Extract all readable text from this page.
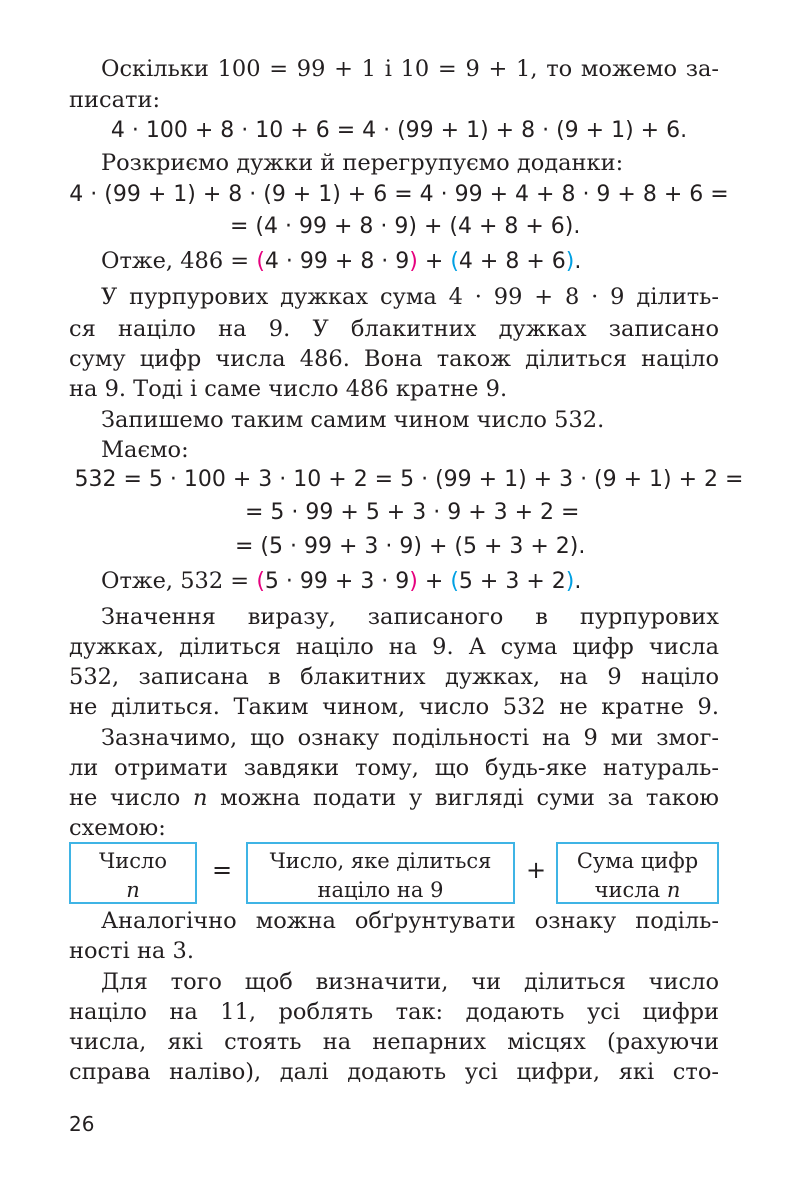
Оскільки 100 = 99 + 1 і 10 = 9 + 1, то можемо за-
писати:
4 · 100 + 8 · 10 + 6 = 4 · (99 + 1) + 8 · (9 + 1) + 6.
Розкриємо дужки й перегрупуємо доданки:
4 · (99 + 1) + 8 · (9 + 1) + 6 = 4 · 99 + 4 + 8 · 9 + 8 + 6 =
= (4 · 99 + 8 · 9) + (4 + 8 + 6).
Отже, 486 = (4 · 99 + 8 · 9) + (4 + 8 + 6).
У пурпурових дужках сума 4 · 99 + 8 · 9 ділить-
ся націло на 9. У блакитних дужках записано
суму цифр числа 486. Вона також ділиться націло
на 9. Тоді і саме число 486 кратне 9.
Запишемо таким самим чином число 532.
Маємо:
532 = 5 · 100 + 3 · 10 + 2 = 5 · (99 + 1) + 3 · (9 + 1) + 2 =
= 5 · 99 + 5 + 3 · 9 + 3 + 2 =
= (5 · 99 + 3 · 9) + (5 + 3 + 2).
Отже, 532 = (5 · 99 + 3 · 9) + (5 + 3 + 2).
Значення виразу, записаного в пурпурових
дужках, ділиться націло на 9. А сума цифр числа
532, записана в блакитних дужках, на 9 націло
не ділиться. Таким чином, число 532 не кратне 9.
Зазначимо, що ознаку подільності на 9 ми змог-
ли отримати завдяки тому, що будь-яке натураль-
не число n можна подати у вигляді суми за такою
схемою:
Число
n
=	Число, яке ділиться
націло на 9
+	Сума цифр
числа n
Аналогічно можна обґрунтувати ознаку поділь-
ності на 3.
Для того щоб визначити, чи ділиться число
націло на 11, роблять так: додають усі цифри
числа, які стоять на непарних місцях (рахуючи
справа наліво), далі додають усі цифри, які сто-
26
